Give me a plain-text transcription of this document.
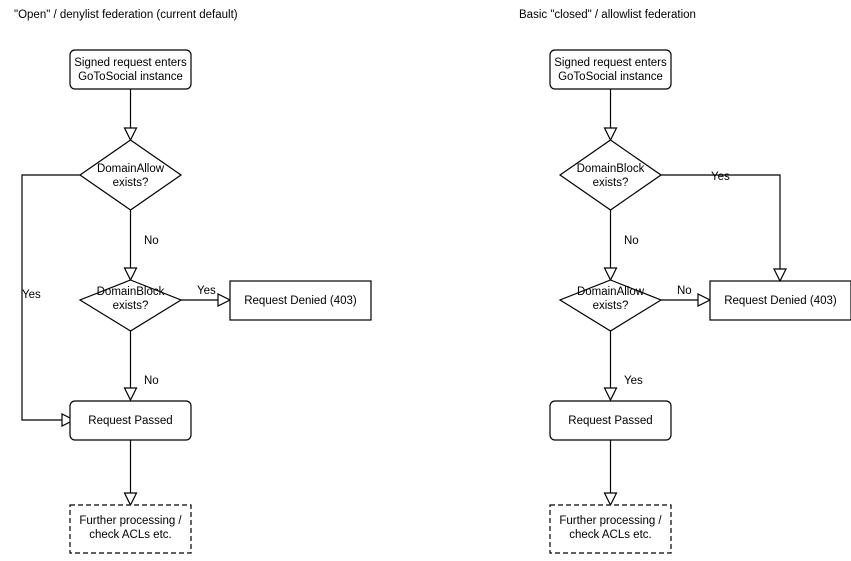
"Open" / denylist federation (current default)
Signed request enters
GoToSocial instance
DomainAllow
exists?
No
Yes	DomainBlock
exists?
Yes
Request Denied (403)
No
Request Passed
Further processing /
check ACLs etc.
Basic "closed" / allowlist federation
Signed request enters
GoToSocial instance
DomainBlock
exists?	Yes
No
DomainAllow
exists?
No
Request Denied (403)
Yes
Request Passed
Further processing /
check ACLs etc.
